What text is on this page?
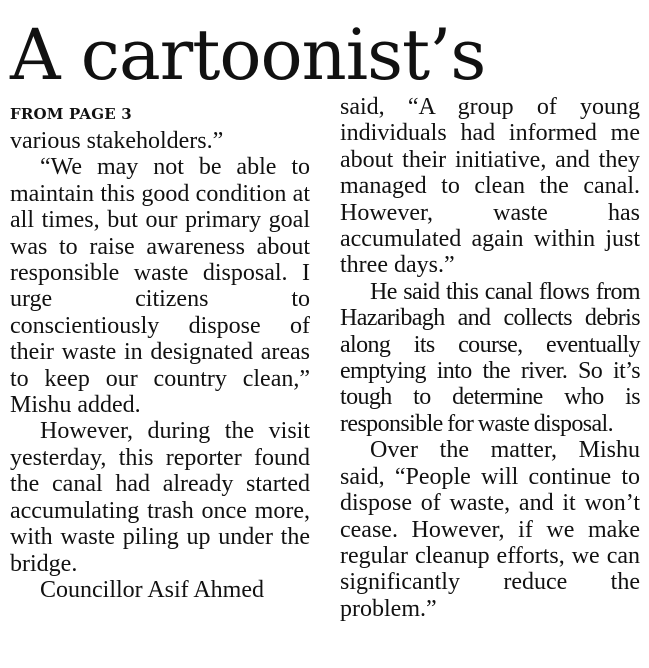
A cartoonist’s
FROM PAGE 3

various stakeholders.”

“We may not be able to maintain this good condition at all times, but our primary goal was to raise awareness about responsible waste disposal. I urge citizens to conscientiously dispose of their waste in designated areas to keep our country clean,” Mishu added.

However, during the visit yesterday, this reporter found the canal had already started accumulating trash once more, with waste piling up under the bridge.

Councillor Asif Ahmed

said, “A group of young individuals had informed me about their initiative, and they managed to clean the canal. However, waste has accumulated again within just three days.”

He said this canal flows from Hazaribagh and collects debris along its course, eventually emptying into the river. So it’s tough to determine who is responsible for waste disposal.

Over the matter, Mishu said, “People will continue to dispose of waste, and it won’t cease. However, if we make regular cleanup efforts, we can significantly reduce the problem.”
